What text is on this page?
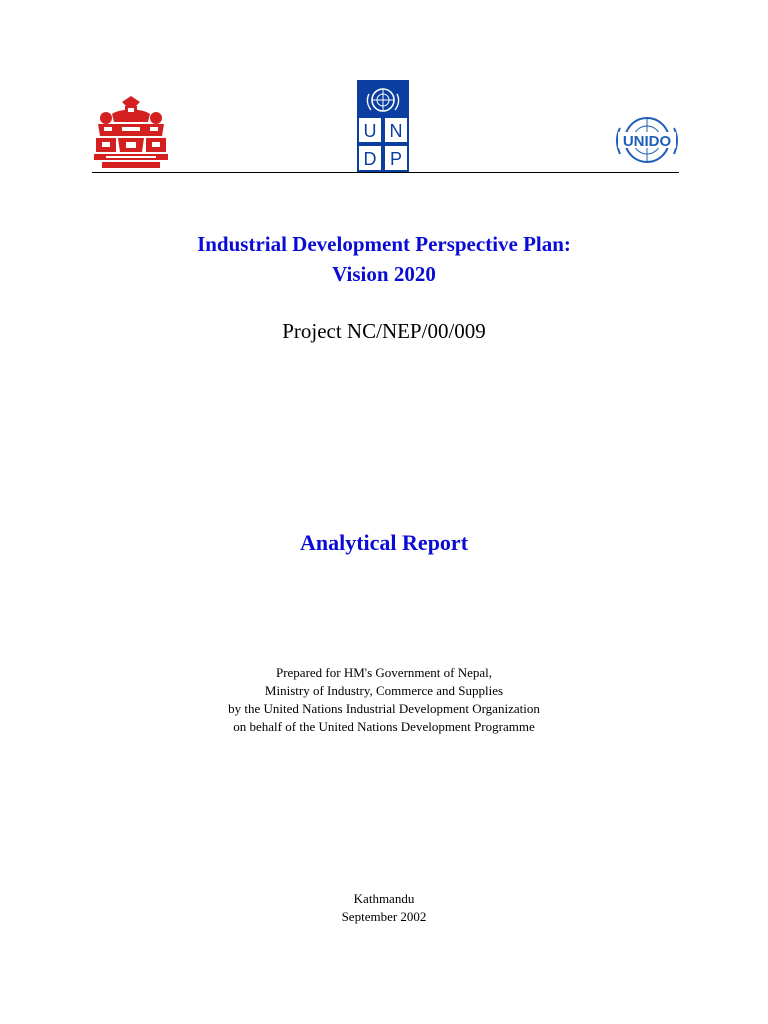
U N
D P
UNIDO
Industrial Development Perspective Plan:
Vision 2020
Project NC/NEP/00/009
Analytical Report
Prepared for HM's Government of Nepal,
Ministry of Industry, Commerce and Supplies
by the United Nations Industrial Development Organization
on behalf of the United Nations Development Programme
Kathmandu
September 2002
